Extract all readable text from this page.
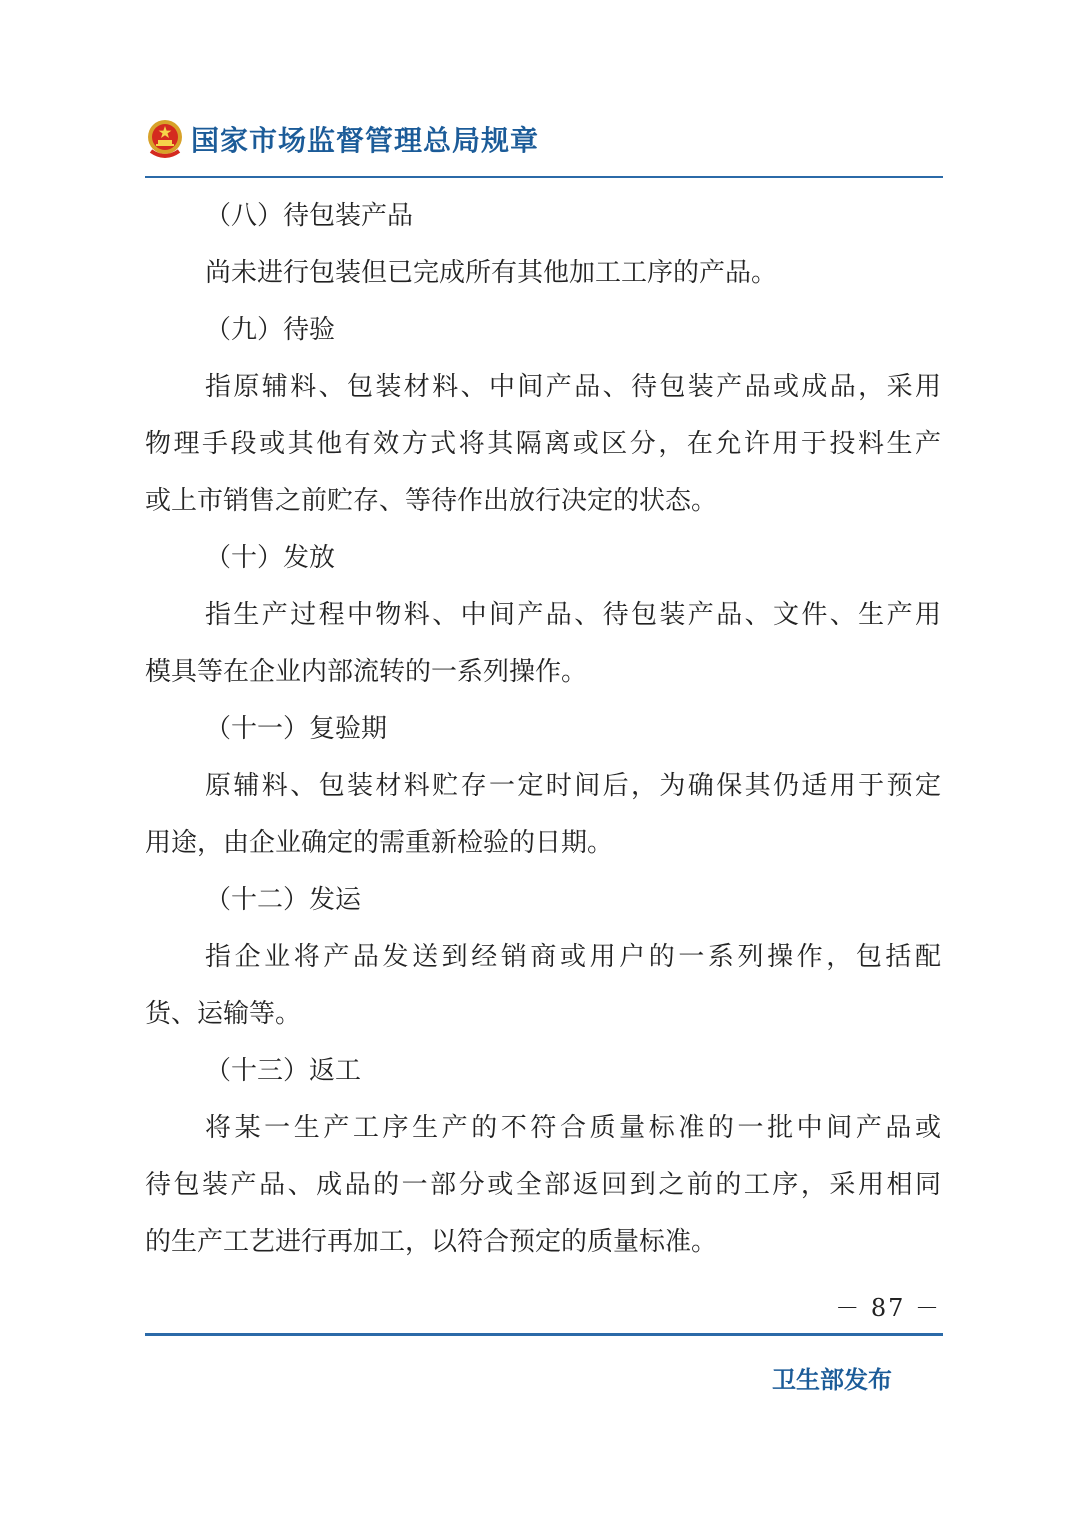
国家市场监督管理总局规章
（八）待包装产品
尚未进行包装但已完成所有其他加工工序的产品。
（九）待验
指原辅料、包装材料、中间产品、待包装产品或成品，采用
物理手段或其他有效方式将其隔离或区分，在允许用于投料生产
或上市销售之前贮存、等待作出放行决定的状态。
（十）发放
指生产过程中物料、中间产品、待包装产品、文件、生产用
模具等在企业内部流转的一系列操作。
（十一）复验期
原辅料、包装材料贮存一定时间后，为确保其仍适用于预定
用途，由企业确定的需重新检验的日期。
（十二）发运
指企业将产品发送到经销商或用户的一系列操作，包括配
货、运输等。
（十三）返工
将某一生产工序生产的不符合质量标准的一批中间产品或
待包装产品、成品的一部分或全部返回到之前的工序，采用相同
的生产工艺进行再加工，以符合预定的质量标准。
－ 87 －
卫生部发布
